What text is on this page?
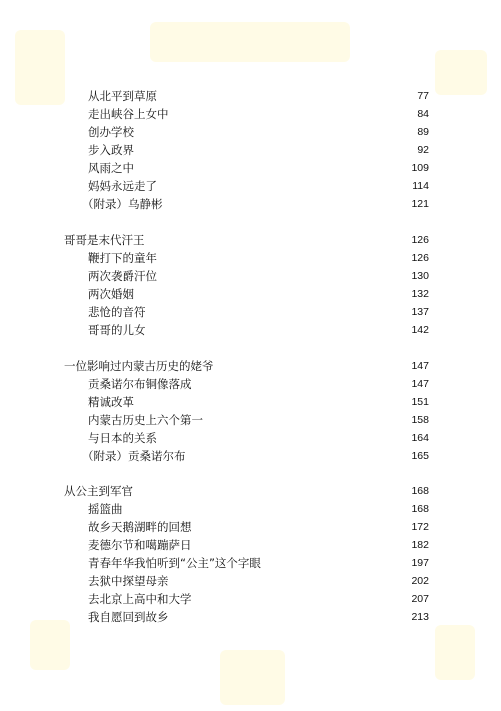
从北平到草原	77
走出峡谷上女中	84
创办学校	89
步入政界	92
风雨之中	109
妈妈永远走了	114
（附录）乌静彬	121
哥哥是末代汗王	126
鞭打下的童年	126
两次袭爵汗位	130
两次婚姻	132
悲怆的音符	137
哥哥的儿女	142
一位影响过内蒙古历史的姥爷	147
贡桑诺尔布铜像落成	147
精诚改革	151
内蒙古历史上六个第一	158
与日本的关系	164
（附录）贡桑诺尔布	165
从公主到军官	168
摇篮曲	168
故乡天鹅湖畔的回想	172
麦德尔节和噶蹦萨日	182
青春年华我怕听到“公主”这个字眼	197
去狱中探望母亲	202
去北京上高中和大学	207
我自愿回到故乡	213
